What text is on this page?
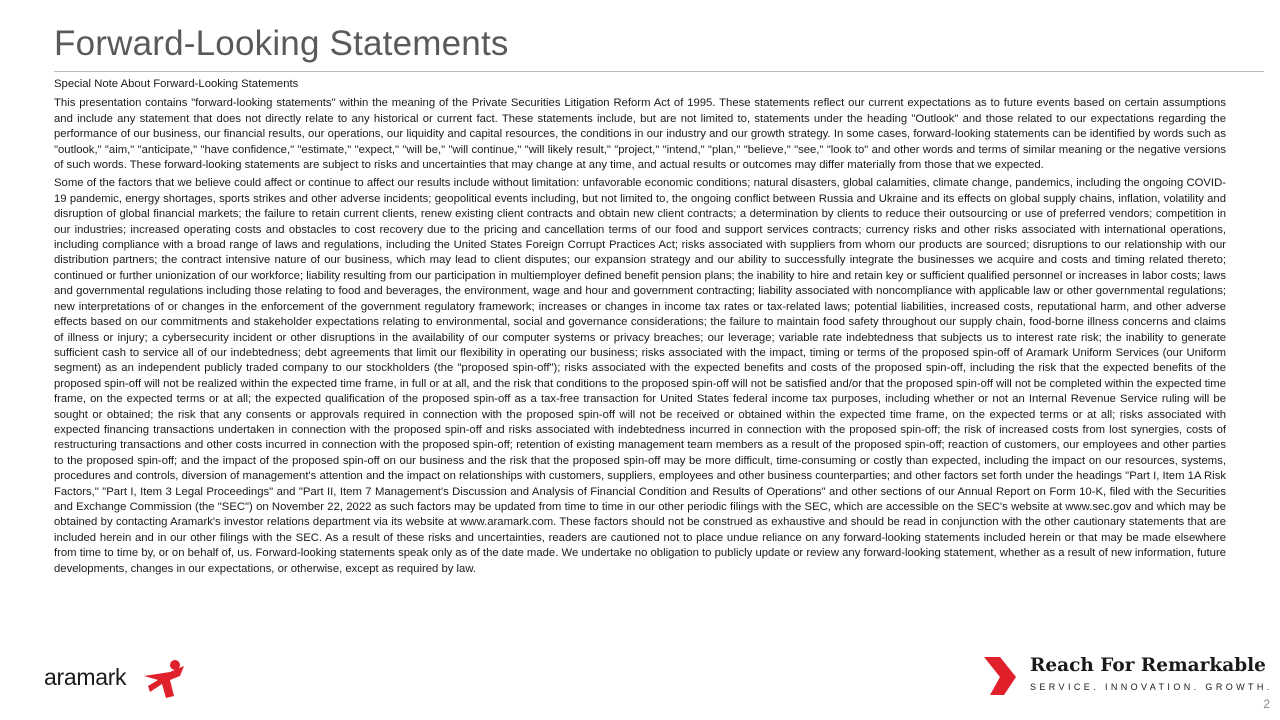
Forward-Looking Statements

Special Note About Forward-Looking Statements

This presentation contains "forward-looking statements" within the meaning of the Private Securities Litigation Reform Act of 1995. These statements reflect our current expectations as to future events based on certain assumptions and include any statement that does not directly relate to any historical or current fact. These statements include, but are not limited to, statements under the heading "Outlook" and those related to our expectations regarding the performance of our business, our financial results, our operations, our liquidity and capital resources, the conditions in our industry and our growth strategy. In some cases, forward-looking statements can be identified by words such as "outlook," "aim," "anticipate," "have confidence," "estimate," "expect," "will be," "will continue," "will likely result," "project," "intend," "plan," "believe," "see," "look to" and other words and terms of similar meaning or the negative versions of such words. These forward-looking statements are subject to risks and uncertainties that may change at any time, and actual results or outcomes may differ materially from those that we expected.

Some of the factors that we believe could affect or continue to affect our results include without limitation: unfavorable economic conditions; natural disasters, global calamities, climate change, pandemics, including the ongoing COVID-19 pandemic, energy shortages, sports strikes and other adverse incidents; geopolitical events including, but not limited to, the ongoing conflict between Russia and Ukraine and its effects on global supply chains, inflation, volatility and disruption of global financial markets; the failure to retain current clients, renew existing client contracts and obtain new client contracts; a determination by clients to reduce their outsourcing or use of preferred vendors; competition in our industries; increased operating costs and obstacles to cost recovery due to the pricing and cancellation terms of our food and support services contracts; currency risks and other risks associated with international operations, including compliance with a broad range of laws and regulations, including the United States Foreign Corrupt Practices Act; risks associated with suppliers from whom our products are sourced; disruptions to our relationship with our distribution partners; the contract intensive nature of our business, which may lead to client disputes; our expansion strategy and our ability to successfully integrate the businesses we acquire and costs and timing related thereto; continued or further unionization of our workforce; liability resulting from our participation in multiemployer defined benefit pension plans; the inability to hire and retain key or sufficient qualified personnel or increases in labor costs; laws and governmental regulations including those relating to food and beverages, the environment, wage and hour and government contracting; liability associated with noncompliance with applicable law or other governmental regulations; new interpretations of or changes in the enforcement of the government regulatory framework; increases or changes in income tax rates or tax-related laws; potential liabilities, increased costs, reputational harm, and other adverse effects based on our commitments and stakeholder expectations relating to environmental, social and governance considerations; the failure to maintain food safety throughout our supply chain, food-borne illness concerns and claims of illness or injury; a cybersecurity incident or other disruptions in the availability of our computer systems or privacy breaches; our leverage; variable rate indebtedness that subjects us to interest rate risk; the inability to generate sufficient cash to service all of our indebtedness; debt agreements that limit our flexibility in operating our business; risks associated with the impact, timing or terms of the proposed spin-off of Aramark Uniform Services (our Uniform segment) as an independent publicly traded company to our stockholders (the "proposed spin-off"); risks associated with the expected benefits and costs of the proposed spin-off, including the risk that the expected benefits of the proposed spin-off will not be realized within the expected time frame, in full or at all, and the risk that conditions to the proposed spin-off will not be satisfied and/or that the proposed spin-off will not be completed within the expected time frame, on the expected terms or at all; the expected qualification of the proposed spin-off as a tax-free transaction for United States federal income tax purposes, including whether or not an Internal Revenue Service ruling will be sought or obtained; the risk that any consents or approvals required in connection with the proposed spin-off will not be received or obtained within the expected time frame, on the expected terms or at all; risks associated with expected financing transactions undertaken in connection with the proposed spin-off and risks associated with indebtedness incurred in connection with the proposed spin-off; the risk of increased costs from lost synergies, costs of restructuring transactions and other costs incurred in connection with the proposed spin-off; retention of existing management team members as a result of the proposed spin-off; reaction of customers, our employees and other parties to the proposed spin-off; and the impact of the proposed spin-off on our business and the risk that the proposed spin-off may be more difficult, time-consuming or costly than expected, including the impact on our resources, systems, procedures and controls, diversion of management's attention and the impact on relationships with customers, suppliers, employees and other business counterparties; and other factors set forth under the headings "Part I, Item 1A Risk Factors," "Part I, Item 3 Legal Proceedings" and "Part II, Item 7 Management's Discussion and Analysis of Financial Condition and Results of Operations" and other sections of our Annual Report on Form 10-K, filed with the Securities and Exchange Commission (the "SEC") on November 22, 2022 as such factors may be updated from time to time in our other periodic filings with the SEC, which are accessible on the SEC's website at www.sec.gov and which may be obtained by contacting Aramark's investor relations department via its website at www.aramark.com. These factors should not be construed as exhaustive and should be read in conjunction with the other cautionary statements that are included herein and in our other filings with the SEC. As a result of these risks and uncertainties, readers are cautioned not to place undue reliance on any forward-looking statements included herein or that may be made elsewhere from time to time by, or on behalf of, us. Forward-looking statements speak only as of the date made. We undertake no obligation to publicly update or review any forward-looking statement, whether as a result of new information, future developments, changes in our expectations, or otherwise, except as required by law.

aramark	Reach For Remarkable
SERVICE. INNOVATION. GROWTH.
2
